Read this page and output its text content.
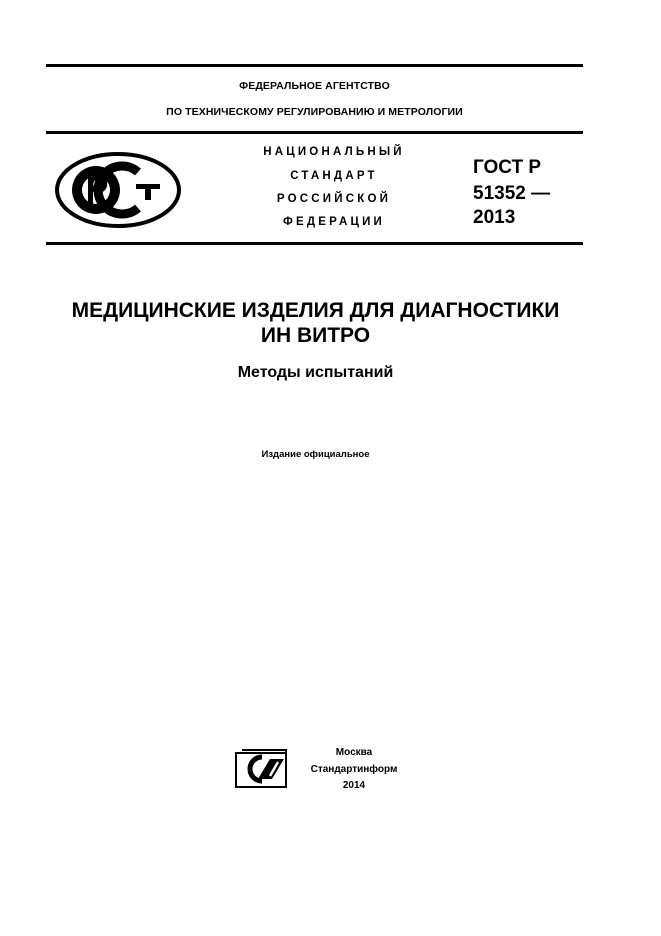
ФЕДЕРАЛЬНОЕ АГЕНТСТВО
ПО ТЕХНИЧЕСКОМУ РЕГУЛИРОВАНИЮ И МЕТРОЛОГИИ
НАЦИОНАЛЬНЫЙ
СТАНДАРТ
РОССИЙСКОЙ
ФЕДЕРАЦИИ
ГОСТ Р
51352 —
2013
МЕДИЦИНСКИЕ ИЗДЕЛИЯ ДЛЯ ДИАГНОСТИКИ
ИН ВИТРО
Методы испытаний
Издание официальное
Москва
Стандартинформ
2014
